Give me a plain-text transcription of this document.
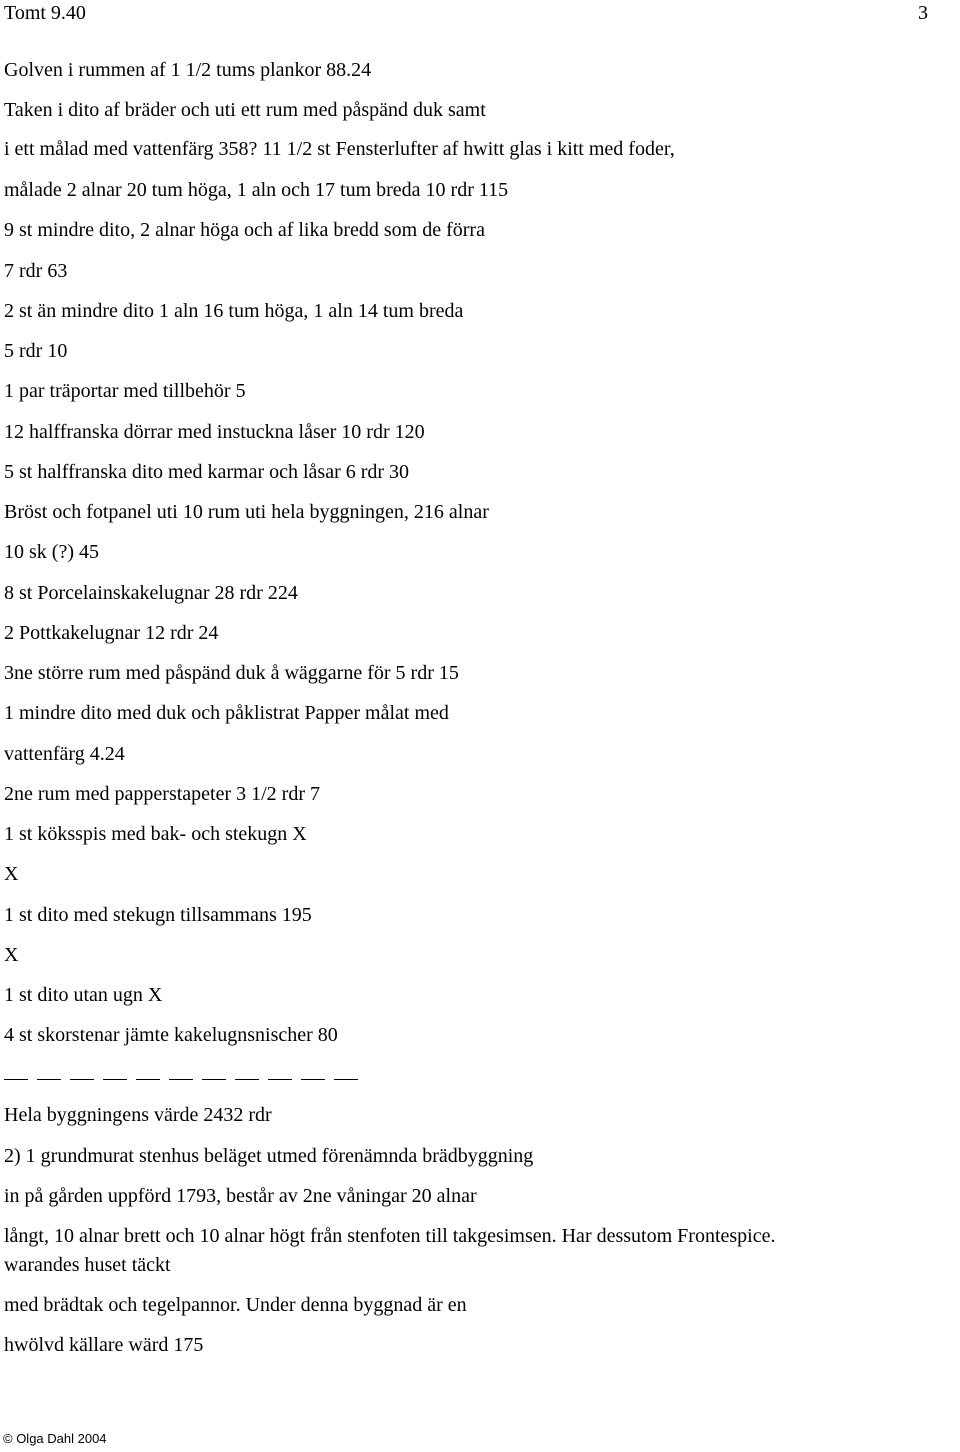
Tomt 9.40	3
Golven i rummen af 1 1/2 tums plankor 88.24
Taken i dito af bräder och uti ett rum med påspänd duk samt
i ett målad med vattenfärg 358? 11 1/2 st Fensterlufter af hwitt glas i kitt med foder,
målade 2 alnar 20 tum höga, 1 aln och 17 tum breda 10 rdr 115
9 st mindre dito, 2 alnar höga och af lika bredd som de förra
7 rdr 63
2 st än mindre dito 1 aln 16 tum höga, 1 aln 14 tum breda
5 rdr 10
1 par träportar med tillbehör 5
12 halffranska dörrar med instuckna låser 10 rdr 120
5 st halffranska dito med karmar och låsar 6 rdr 30
Bröst och fotpanel uti 10 rum uti hela byggningen, 216 alnar
10 sk (?) 45
8 st Porcelainskakelugnar 28 rdr 224
2 Pottkakelugnar 12 rdr 24
3ne större rum med påspänd duk å wäggarne för 5 rdr 15
1 mindre dito med duk och påklistrat Papper målat med
vattenfärg 4.24
2ne rum med papperstapeter 3 1/2 rdr 7
1 st köksspis med bak- och stekugn X
X
1 st dito med stekugn tillsammans 195
X
1 st dito utan ugn X
4 st skorstenar jämte kakelugnsnischer 80
Hela byggningens värde 2432 rdr
2) 1 grundmurat stenhus beläget utmed förenämnda brädbyggning
in på gården uppförd 1793, består av 2ne våningar 20 alnar
långt, 10 alnar brett och 10 alnar högt från stenfoten till takgesimsen. Har dessutom Frontespice.
warandes huset täckt
med brädtak och tegelpannor. Under denna byggnad är en
hwölvd källare wärd 175
© Olga Dahl 2004
